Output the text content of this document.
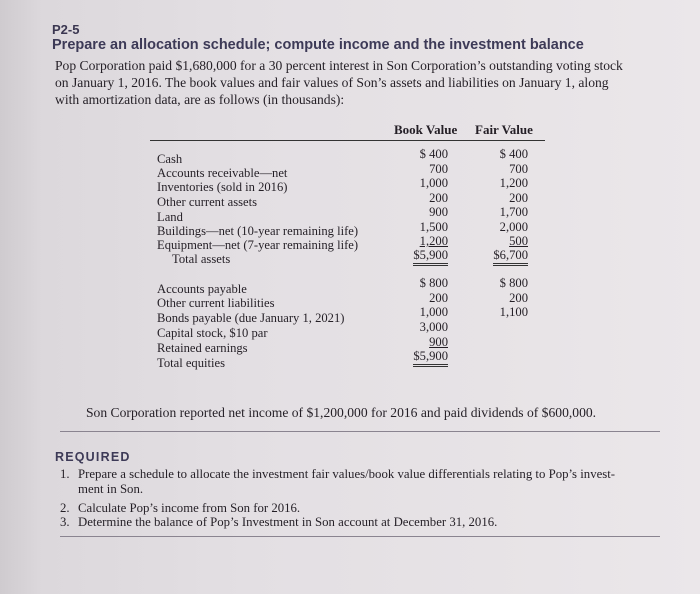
P2-5
Prepare an allocation schedule; compute income and the investment balance
Pop Corporation paid $1,680,000 for a 30 percent interest in Son Corporation’s outstanding voting stock
on January 1, 2016. The book values and fair values of Son’s assets and liabilities on January 1, along
with amortization data, are as follows (in thousands):
Book Value Fair Value
Cash	$ 400	$ 400
Accounts receivable—net	700	700
Inventories (sold in 2016)	1,000	1,200
Other current assets	200	200
Land	900	1,700
Buildings—net (10-year remaining life)	1,500	2,000
Equipment—net (7-year remaining life)	1,200	500
Total assets	$5,900	$6,700
Accounts payable	$ 800	$ 800
Other current liabilities	200	200
Bonds payable (due January 1, 2021)	1,000	1,100
Capital stock, $10 par	3,000
Retained earnings	900
Total equities	$5,900
Son Corporation reported net income of $1,200,000 for 2016 and paid dividends of $600,000.
REQUIRED
1. Prepare a schedule to allocate the investment fair values/book value differentials relating to Pop’s invest-
ment in Son.
2. Calculate Pop’s income from Son for 2016.
3. Determine the balance of Pop’s Investment in Son account at December 31, 2016.
